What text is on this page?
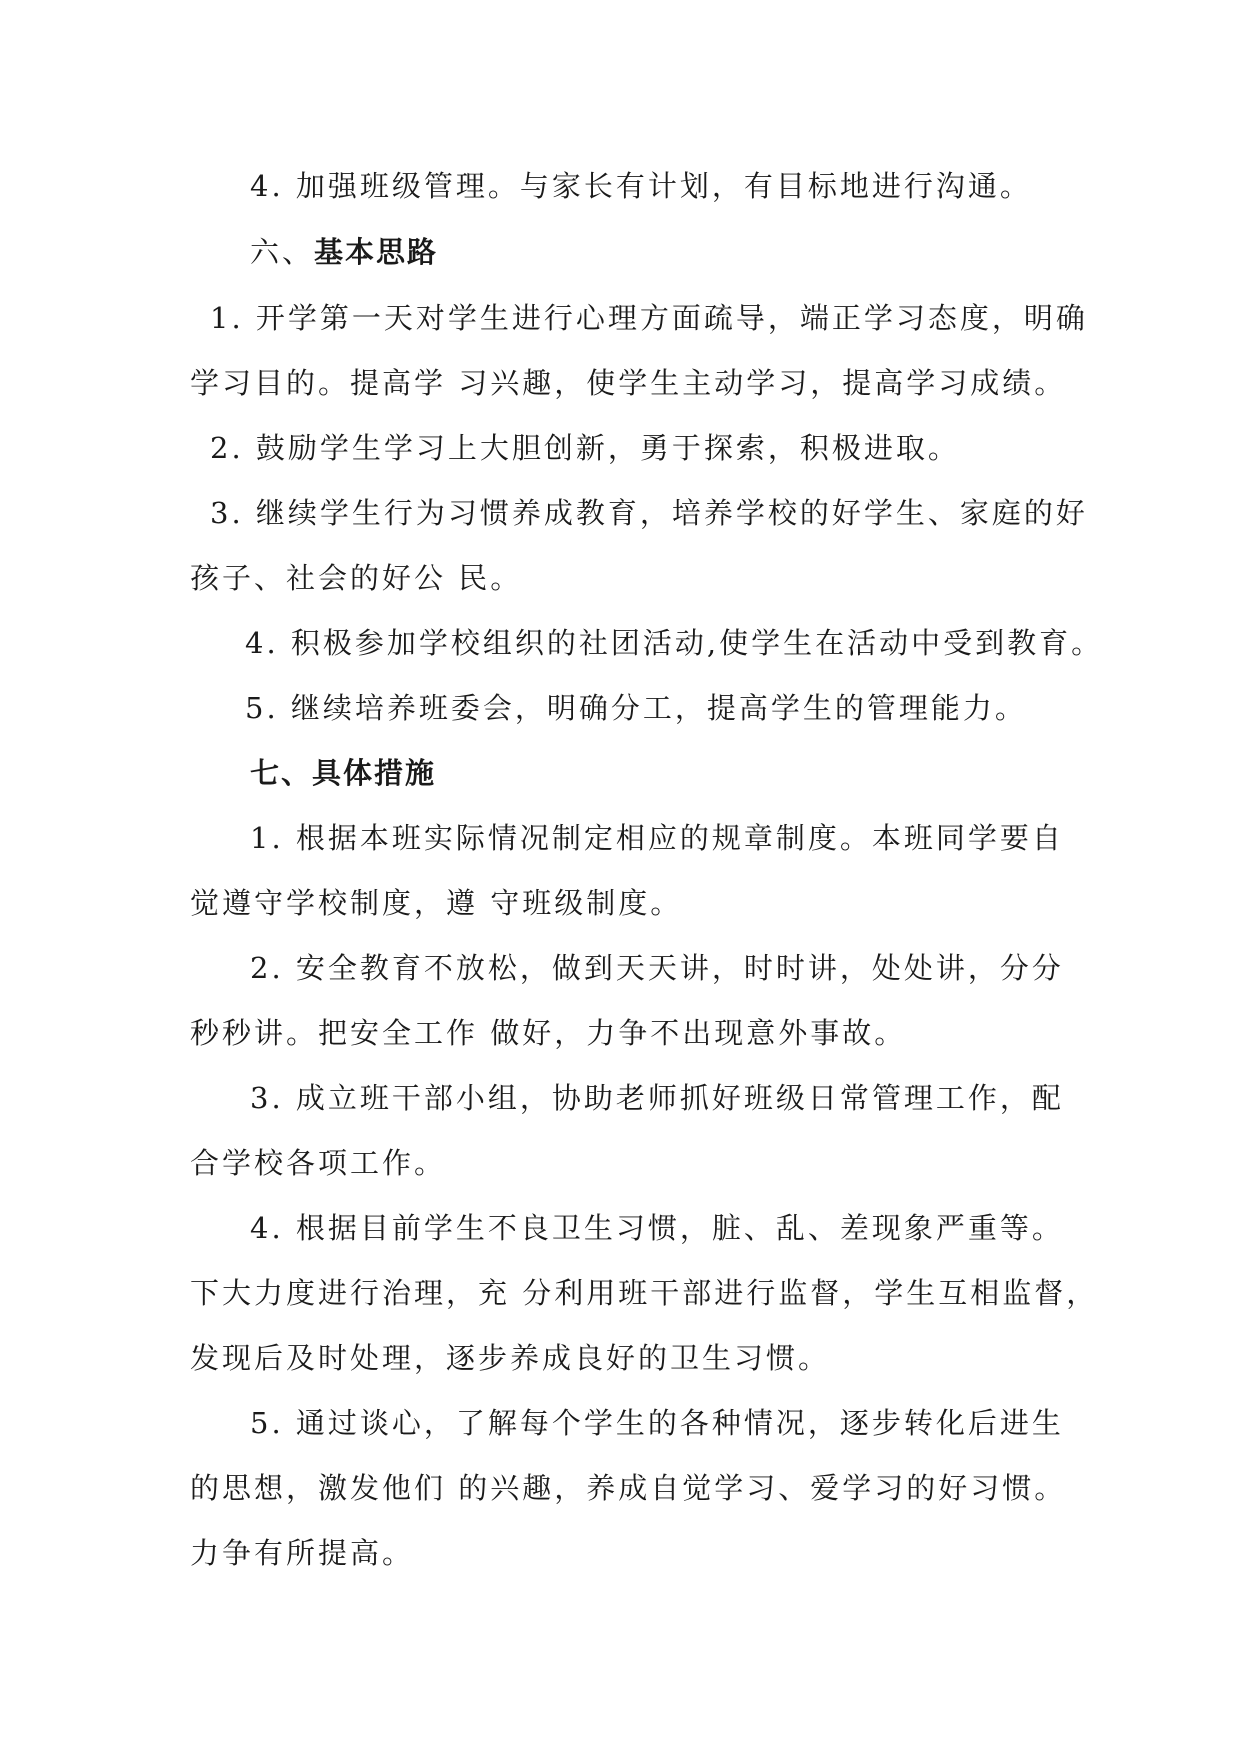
4. 加强班级管理。与家长有计划，有目标地进行沟通。
六、基本思路
1. 开学第一天对学生进行心理方面疏导，端正学习态度，明确
学习目的。提高学 习兴趣，使学生主动学习，提高学习成绩。
2. 鼓励学生学习上大胆创新，勇于探索，积极进取。
3. 继续学生行为习惯养成教育，培养学校的好学生、家庭的好
孩子、社会的好公 民。
4. 积极参加学校组织的社团活动,使学生在活动中受到教育。
5. 继续培养班委会，明确分工，提高学生的管理能力。
七、具体措施
1. 根据本班实际情况制定相应的规章制度。本班同学要自
觉遵守学校制度，遵 守班级制度。
2. 安全教育不放松，做到天天讲，时时讲，处处讲，分分
秒秒讲。把安全工作 做好，力争不出现意外事故。
3. 成立班干部小组，协助老师抓好班级日常管理工作，配
合学校各项工作。
4. 根据目前学生不良卫生习惯，脏、乱、差现象严重等。
下大力度进行治理，充 分利用班干部进行监督，学生互相监督，
发现后及时处理，逐步养成良好的卫生习惯。
5. 通过谈心，了解每个学生的各种情况，逐步转化后进生
的思想，激发他们 的兴趣，养成自觉学习、爱学习的好习惯。
力争有所提高。
